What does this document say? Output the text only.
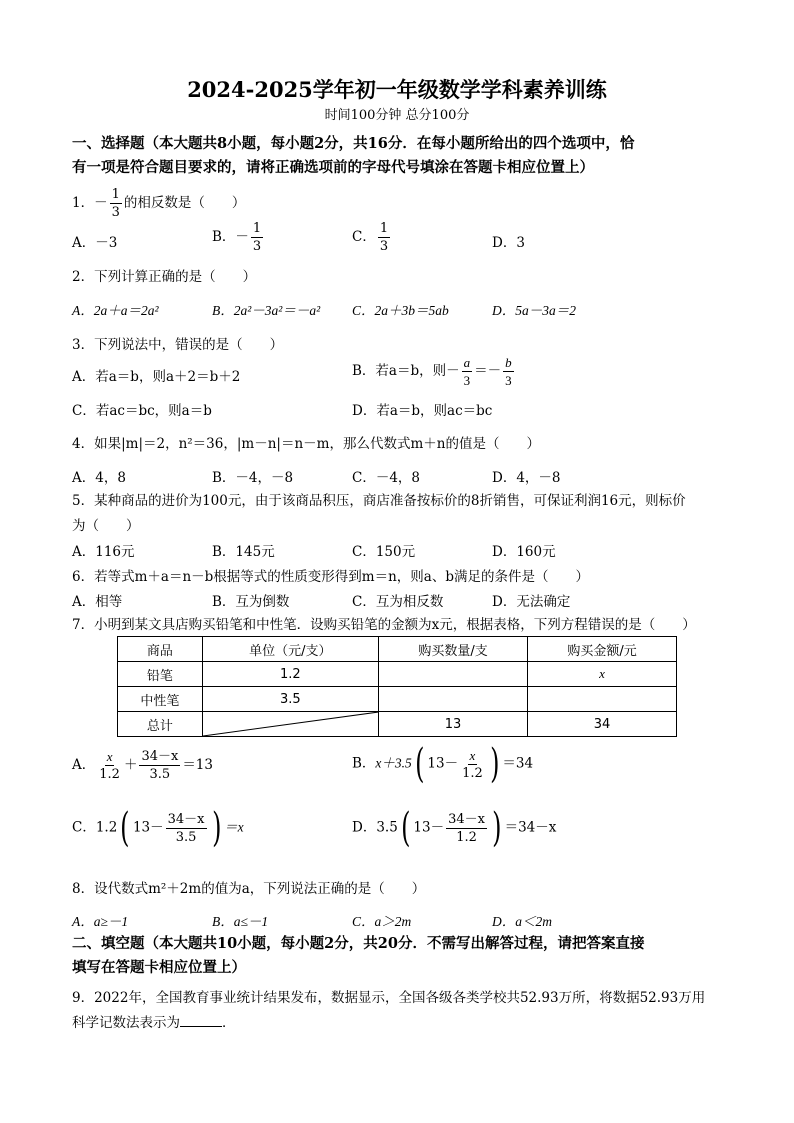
2024-2025学年初一年级数学学科素养训练
时间100分钟 总分100分
一、选择题（本大题共8小题，每小题2分，共16分．在每小题所给出的四个选项中，恰
有一项是符合题目要求的，请将正确选项前的字母代号填涂在答题卡相应位置上）
1．－ $\frac{1}{3}$ 的相反数是（　　）
A．－3	B．－ $\frac{1}{3}$	C． $\frac{1}{3}$	D．3
2．下列计算正确的是（　　）
A．2a＋a＝2a²	B．2a²－3a²＝－a² C．2a＋3b＝5ab	D．5a－3a＝2
3．下列说法中，错误的是（　　）
A．若a＝b，则a＋2＝b＋2	B．若a＝b，则－ $\frac{a}{3} =- \frac{b}{3}$
C．若ac＝bc，则a＝b	D．若a＝b，则ac＝bc
4．如果|m|＝2，n²＝36，|m－n|＝n－m，那么代数式m＋n的值是（　　）
A．4，8	B．－4，－8	C．－4，8	D．4，－8
5．某种商品的进价为100元，由于该商品积压，商店准备按标价的8折销售，可保证利润16元，则标价
为（　　）
A．116元	B．145元	C．150元	D．160元
6．若等式m＋a＝n－b根据等式的性质变形得到m＝n，则a、b满足的条件是（　　）
A．相等	B．互为倒数	C．互为相反数	D．无法确定
7．小明到某文具店购买铅笔和中性笔．设购买铅笔的金额为x元，根据表格，下列方程错误的是（　　）
商品	单位（元/支）	购买数量/支	购买金额/元
铅笔	1.2		x
中性笔	3.5		
总计		13	34
A． $\frac{x}{1.2} + \frac{34-x}{3.5} =13$	B．x＋3.5( $13- \frac{x}{1.2}$ ) ＝34
C．1.2( $13- \frac{34-x}{3.5}$ ) ＝x	D．3.5( $13- \frac{34-x}{1.2}$ ) ＝34－x
8．设代数式m²＋2m的值为a，下列说法正确的是（　　）
A．a≥－1	B．a≤－1	C．a＞2m	D．a＜2m
二、填空题（本大题共10小题，每小题2分，共20分．不需写出解答过程，请把答案直接
填写在答题卡相应位置上）
9．2022年，全国教育事业统计结果发布，数据显示，全国各级各类学校共52.93万所，将数据52.93万用
科学记数法表示为	．
